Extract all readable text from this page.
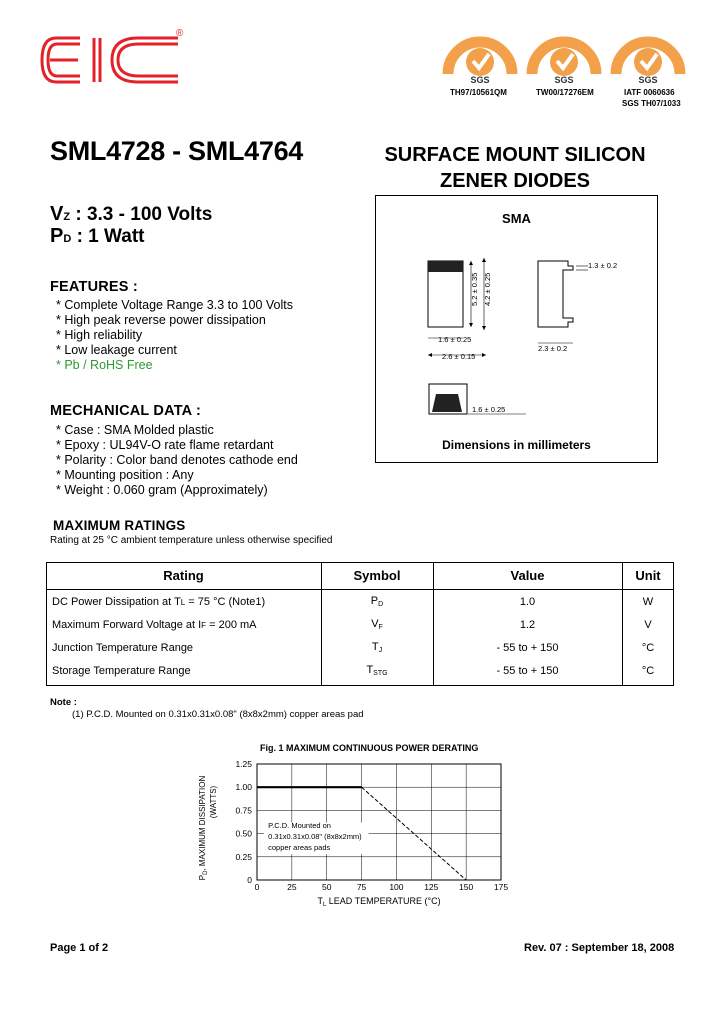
®
SGS
TH97/10561QM
SGS
TW00/17276EM
SGS
IATF 0060636
SGS TH07/1033
SML4728 - SML4764	SURFACE MOUNT SILICON
ZENER DIODES
VZ : 3.3 - 100 Volts
PD : 1 Watt
FEATURES :
* Complete Voltage Range 3.3 to 100 Volts
* High peak reverse power dissipation
* High reliability
* Low leakage current
* Pb / RoHS Free
MECHANICAL DATA :
* Case : SMA Molded plastic
* Epoxy : UL94V-O rate flame retardant
* Polarity : Color band denotes cathode end
* Mounting position : Any
* Weight : 0.060 gram (Approximately)
SMA
5.2 ± 0.35 4.2 ± 0.25
1.6 ± 0.25
2.6 ± 0.15
1.3 ± 0.2
2.3 ± 0.2
1.6 ± 0.25
Dimensions in millimeters
MAXIMUM RATINGS
Rating at 25 °C ambient temperature unless otherwise specified
Rating	Symbol	Value	Unit
DC Power Dissipation at TL = 75 °C (Note1)	PD	1.0	W
Maximum Forward Voltage at IF = 200 mA	VF	1.2	V
Junction Temperature Range	TJ	- 55 to + 150	°C
Storage Temperature Range	TSTG	- 55 to + 150	°C
Note :
(1) P.C.D. Mounted on 0.31x0.31x0.08" (8x8x2mm) copper areas pad
Fig. 1 MAXIMUM CONTINUOUS POWER DERATING
0	25	50	75	100 125 150 175
0
0.25
0.50
0.75
1.00
1.25
P.C.D. Mounted on
0.31x0.31x0.08" (8x8x2mm)
copper areas pads
$T_L$ LEAD TEMPERATURE (°C)
$P_D$, MAXIMUM DISSIPATION (WATTS)
Page 1 of 2	Rev. 07 : September 18, 2008
